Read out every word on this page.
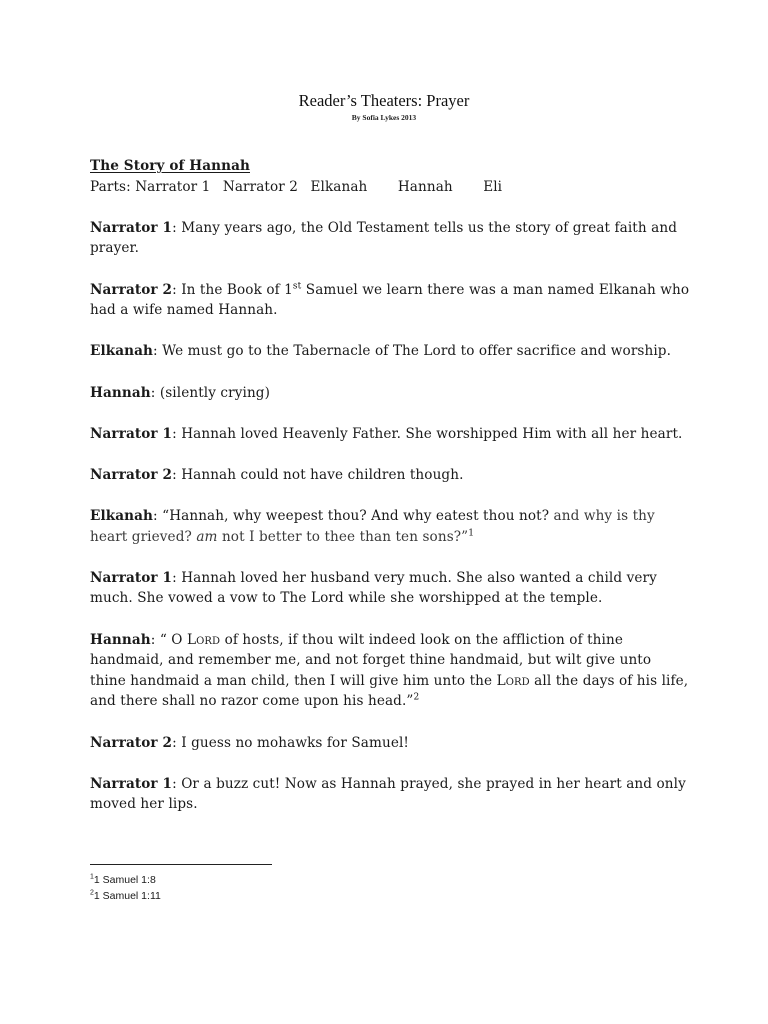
Reader’s Theaters: Prayer
By Sofia Lykes 2013
The Story of Hannah

Parts: Narrator 1 Narrator 2 Elkanah Hannah Eli

Narrator 1: Many years ago, the Old Testament tells us the story of great faith and prayer.

Narrator 2: In the Book of 1st Samuel we learn there was a man named Elkanah who had a wife named Hannah.

Elkanah: We must go to the Tabernacle of The Lord to offer sacrifice and worship.

Hannah: (silently crying)

Narrator 1: Hannah loved Heavenly Father. She worshipped Him with all her heart.

Narrator 2: Hannah could not have children though.

Elkanah: “Hannah, why weepest thou? And why eatest thou not? and why is thy heart grieved? am not I better to thee than ten sons?”$^1$

Narrator 1: Hannah loved her husband very much. She also wanted a child very much. She vowed a vow to The Lord while she worshipped at the temple.

Hannah: “ O Lord of hosts, if thou wilt indeed look on the affliction of thine handmaid, and remember me, and not forget thine handmaid, but wilt give unto thine handmaid a man child, then I will give him unto the Lord all the days of his life, and there shall no razor come upon his head.”$^2$

Narrator 2: I guess no mohawks for Samuel!

Narrator 1: Or a buzz cut! Now as Hannah prayed, she prayed in her heart and only moved her lips.

$^1$1 Samuel 1:8
$^2$1 Samuel 1:11
